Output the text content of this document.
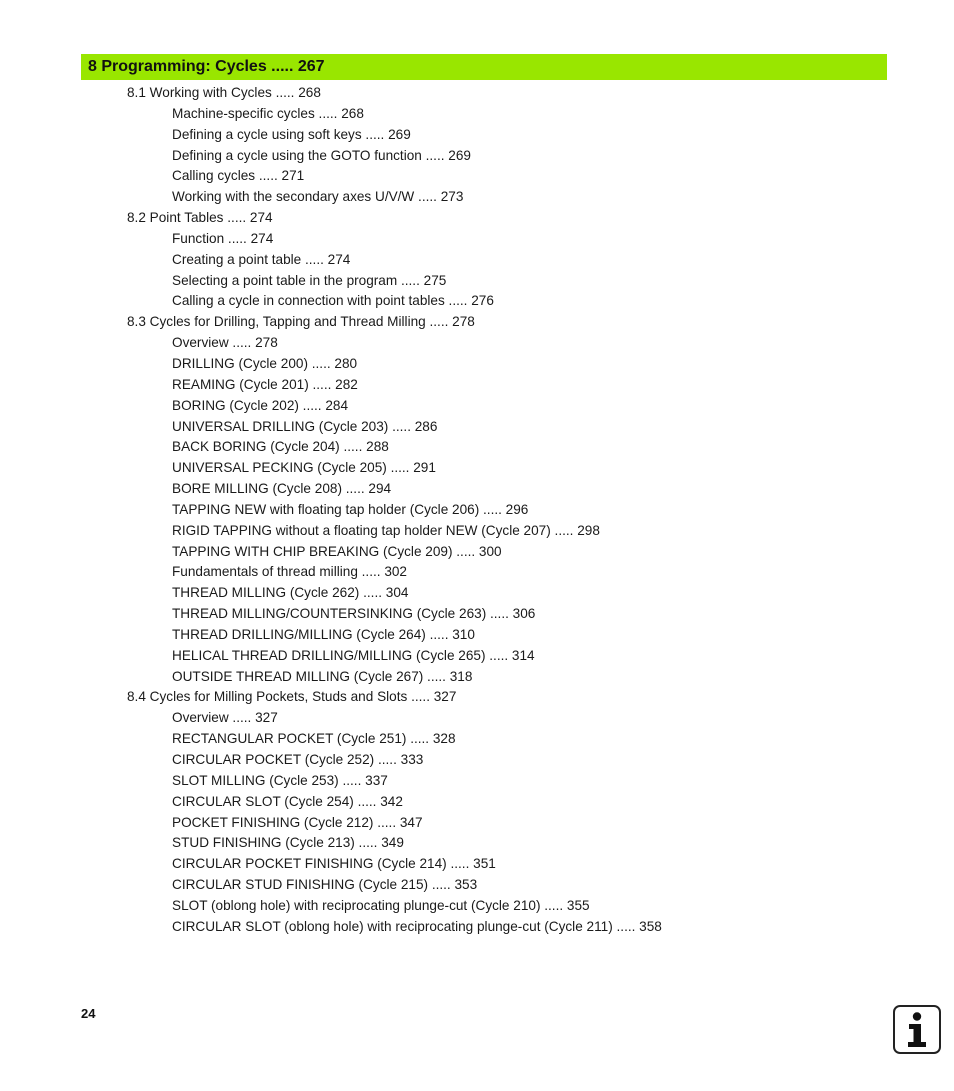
8 Programming: Cycles ..... 267
8.1 Working with Cycles ..... 268
Machine-specific cycles ..... 268
Defining a cycle using soft keys ..... 269
Defining a cycle using the GOTO function ..... 269
Calling cycles ..... 271
Working with the secondary axes U/V/W ..... 273
8.2 Point Tables ..... 274
Function ..... 274
Creating a point table ..... 274
Selecting a point table in the program ..... 275
Calling a cycle in connection with point tables ..... 276
8.3 Cycles for Drilling, Tapping and Thread Milling ..... 278
Overview ..... 278
DRILLING (Cycle 200) ..... 280
REAMING (Cycle 201) ..... 282
BORING (Cycle 202) ..... 284
UNIVERSAL DRILLING (Cycle 203) ..... 286
BACK BORING (Cycle 204) ..... 288
UNIVERSAL PECKING (Cycle 205) ..... 291
BORE MILLING (Cycle 208) ..... 294
TAPPING NEW with floating tap holder (Cycle 206) ..... 296
RIGID TAPPING without a floating tap holder NEW (Cycle 207) ..... 298
TAPPING WITH CHIP BREAKING (Cycle 209) ..... 300
Fundamentals of thread milling ..... 302
THREAD MILLING (Cycle 262) ..... 304
THREAD MILLING/COUNTERSINKING (Cycle 263) ..... 306
THREAD DRILLING/MILLING (Cycle 264) ..... 310
HELICAL THREAD DRILLING/MILLING (Cycle 265) ..... 314
OUTSIDE THREAD MILLING (Cycle 267) ..... 318
8.4 Cycles for Milling Pockets, Studs and Slots ..... 327
Overview ..... 327
RECTANGULAR POCKET (Cycle 251) ..... 328
CIRCULAR POCKET (Cycle 252) ..... 333
SLOT MILLING (Cycle 253) ..... 337
CIRCULAR SLOT (Cycle 254) ..... 342
POCKET FINISHING (Cycle 212) ..... 347
STUD FINISHING (Cycle 213) ..... 349
CIRCULAR POCKET FINISHING (Cycle 214) ..... 351
CIRCULAR STUD FINISHING (Cycle 215) ..... 353
SLOT (oblong hole) with reciprocating plunge-cut (Cycle 210) ..... 355
CIRCULAR SLOT (oblong hole) with reciprocating plunge-cut (Cycle 211) ..... 358
24
